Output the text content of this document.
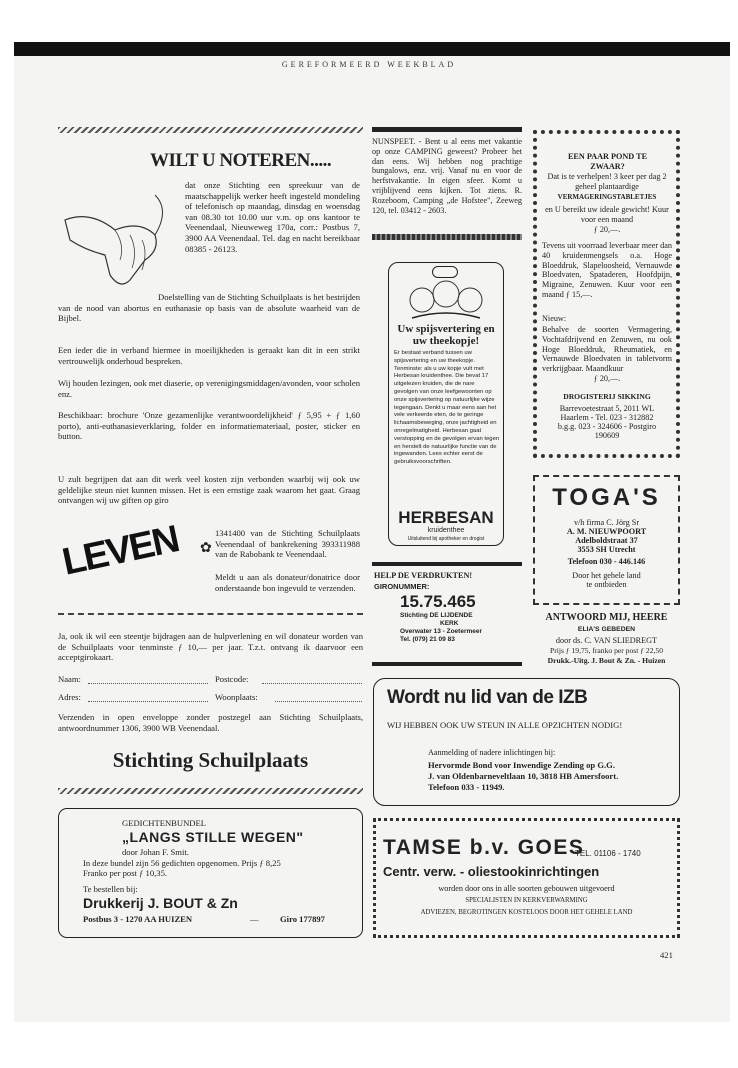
GEREFORMEERD WEEKBLAD
WILT U NOTEREN.....
dat onze Stichting een spreekuur van de maatschappelijk werker heeft ingesteld mondeling of telefonisch op maandag, dinsdag en woensdag van 08.30 tot 10.00 uur v.m. op ons kantoor te Veenendaal, Nieuweweg 170a, corr.: Postbus 7, 3900 AA Veenendaal. Tel. dag en nacht bereikbaar 08385 - 26123.
Doelstelling van de Stichting Schuilplaats is het bestrijden van de nood van abortus en euthanasie op basis van de absolute waarheid van de Bijbel.
Een ieder die in verband hiermee in moeilijkheden is geraakt kan dit in een strikt vertrouwelijk onderhoud bespreken.
Wij houden lezingen, ook met diaserie, op verenigingsmiddagen/avonden, voor scholen enz.
Beschikbaar: brochure 'Onze gezamenlijke verantwoordelijkheid' ƒ 5,95 + ƒ 1,60 porto), anti-euthanasieverklaring, folder en informatiemateriaal, poster, sticker en button.
U zult begrijpen dat aan dit werk veel kosten zijn verbonden waarbij wij ook uw geldelijke steun niet kunnen missen. Het is een ernstige zaak waarom het gaat. Graag ontvangen wij uw giften op giro
LEVEN ✿
1341400 van de Stichting Schuilplaats Veenendaal of bankrekening 393311988 van de Rabobank te Veenendaal.
Meldt u aan als donateur/donatrice door onderstaande bon ingevuld te verzenden.
Ja, ook ik wil een steentje bijdragen aan de hulpverlening en wil donateur worden van de Schuilplaats voor tenminste ƒ 10,— per jaar. T.z.t. ontvang ik daarvoor een acceptgirokaart.
Naam:	Postcode:
Adres:	Woonplaats:
Verzenden in open enveloppe zonder postzegel aan Stichting Schuilplaats, antwoordnummer 1306, 3900 WB Veenendaal.
Stichting Schuilplaats
GEDICHTENBUNDEL
„LANGS STILLE WEGEN"
door Johan F. Smit.
In deze bundel zijn 56 gedichten opgenomen. Prijs ƒ 8,25
Franko per post ƒ 10,35.
Te bestellen bij:
Drukkerij J. BOUT & Zn
Postbus 3 - 1270 AA HUIZEN	— Giro 177897
NUNSPEET. - Bent u al eens met vakantie op onze CAMPING geweest? Probeer het dan eens. Wij hebben nog prachtige bungalows, enz. vrij. Vanaf nu en voor de herfstvakantie. In eigen sfeer. Komt u vrijblijvend eens kijken. Tot ziens. R. Rozeboom, Camping „de Hofstee", Zeeweg 120, tel. 03412 - 2603.
Uw spijsvertering en uw theekopje!
Er bestaat verband tussen uw spijsvertering en uw theekopje. Tenminste: als u uw kopje vult met Herbesan kruidenthee. Die bevat 17 uitgelezen kruiden, die de nare gevolgen van onze leefgewoonten op onze spijsvertering op natuurlijke wijze tegengaan. Denkt u maar eens aan het vele verkeerde eten, de te geringe lichaamsbeweging, onze jachtigheid en onregelmatigheid. Herbesan gaat verstopping en de gevolgen ervan tegen en herstelt de natuurlijke functie van de ingewanden. Lees echter eerst de gebruiksvoorschriften.
HERBESAN
kruidenthee
Uitsluitend bij apotheker en drogist
HELP DE VERDRUKTEN!
GIRONUMMER:
15.75.465
Stichting DE LIJDENDE
KERK
Overwater 13 - Zoetermeer
Tel. (079) 21 09 83
EEN PAAR POND TE ZWAAR?
Dat is te verhelpen! 3 keer per dag 2 geheel plantaardige
VERMAGERINGSTABLETJES
en U bereikt uw ideale gewicht! Kuur voor een maand
ƒ 20,—.
Tevens uit voorraad leverbaar meer dan 40 kruidenmengsels o.a. Hoge Bloeddruk, Slapeloosheid, Vernauwde Bloedvaten, Spataderen, Hoofdpijn, Migraine, Zenuwen. Kuur voor een maand ƒ 15,—.
Nieuw:
Behalve de soorten Vermagering, Vochtafdrijvend en Zenuwen, nu ook Hoge Bloeddruk, Rheumatiek, en Vernauwde Bloedvaten in tabletvorm verkrijgbaar. Maandkuur
ƒ 20,—.
DROGISTERIJ SIKKING
Barrevoetestraat 5, 2011 WL
Haarlem - Tel. 023 - 312882
b.g.g. 023 - 324606 - Postgiro
190609
TOGA'S
v/h firma C. Jörg Sr
A. M. NIEUWPOORT
Adelboldstraat 37
3553 SH Utrecht
Telefoon 030 - 446.146
Door het gehele land
te ontbieden
ANTWOORD MIJ, HEERE
ELIA'S GEBEDEN
door ds. C. VAN SLIEDREGT
Prijs ƒ 19,75, franko per post ƒ 22,50
Drukk.-Uitg. J. Bout & Zn. - Huizen
Wordt nu lid van de IZB
WIJ HEBBEN OOK UW STEUN IN ALLE OPZICHTEN NODIG!
Aanmelding of nadere inlichtingen bij:
Hervormde Bond voor Inwendige Zending op G.G.
J. van Oldenbarneveltlaan 10, 3818 HB Amersfoort.
Telefoon 033 - 11949.
TAMSE b.v. GOES
TEL. 01106 - 1740
Centr. verw. - oliestookinrichtingen
worden door ons in alle soorten gebouwen uitgevoerd
SPECIALISTEN IN KERKVERWARMING
ADVIEZEN, BEGROTINGEN KOSTELOOS DOOR HET GEHELE LAND
421
